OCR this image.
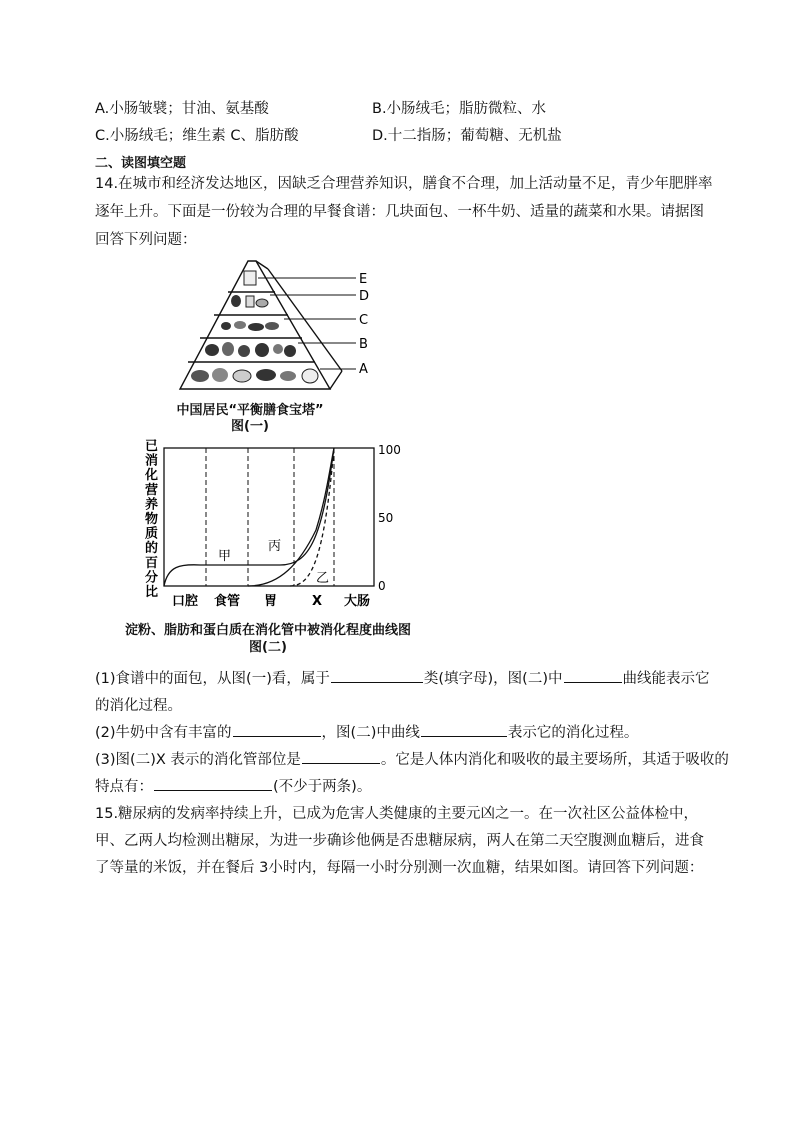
A.小肠皱襞；甘油、氨基酸	B.小肠绒毛；脂肪微粒、水
C.小肠绒毛；维生素 C、脂肪酸	D.十二指肠；葡萄糖、无机盐
二、读图填空题
14.在城市和经济发达地区，因缺乏合理营养知识，膳食不合理，加上活动量不足，青少年肥胖率
逐年上升。下面是一份较为合理的早餐食谱：几块面包、一杯牛奶、适量的蔬菜和水果。请据图
回答下列问题：
E
D
C
B
A
中国居民“平衡膳食宝塔”
图(一)
已
消
化
营
养
物
质
的
百
分
比
甲
丙
乙
100
50
0
口腔 食管 胃	X 大肠
淀粉、脂肪和蛋白质在消化管中被消化程度曲线图
图(二)
(1)食谱中的面包，从图(一)看，属于	类(填字母)，图(二)中	曲线能表示它
的消化过程。
(2)牛奶中含有丰富的	，图(二)中曲线	表示它的消化过程。
(3)图(二)X 表示的消化管部位是	。它是人体内消化和吸收的最主要场所，其适于吸收的
特点有：	(不少于两条)。
15.糖尿病的发病率持续上升，已成为危害人类健康的主要元凶之一。在一次社区公益体检中，
甲、乙两人均检测出糖尿，为进一步确诊他俩是否患糖尿病，两人在第二天空腹测血糖后，进食
了等量的米饭，并在餐后 3小时内，每隔一小时分别测一次血糖，结果如图。请回答下列问题：
